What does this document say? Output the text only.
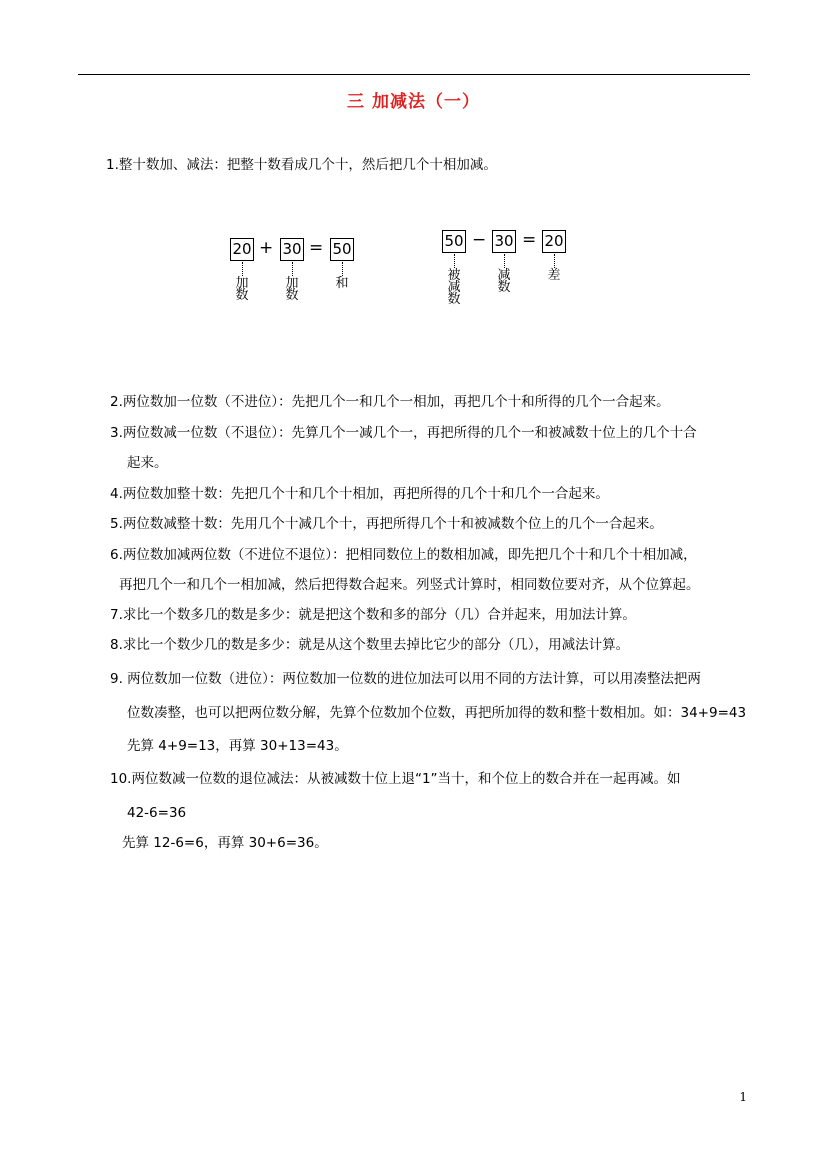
三 加减法（一）
1.整十数加、减法：把整十数看成几个十，然后把几个十相加减。
20 + 30 = 50
加数
加数
和
50 − 30 = 20
被减数
减数
差
2.两位数加一位数（不进位）：先把几个一和几个一相加，再把几个十和所得的几个一合起来。
3.两位数减一位数（不退位）：先算几个一减几个一，再把所得的几个一和被减数十位上的几个十合
起来。
4.两位数加整十数：先把几个十和几个十相加，再把所得的几个十和几个一合起来。
5.两位数减整十数：先用几个十减几个十，再把所得几个十和被减数个位上的几个一合起来。
6.两位数加减两位数（不进位不退位）：把相同数位上的数相加减，即先把几个十和几个十相加减，
再把几个一和几个一相加减，然后把得数合起来。列竖式计算时，相同数位要对齐，从个位算起。
7.求比一个数多几的数是多少：就是把这个数和多的部分（几）合并起来，用加法计算。
8.求比一个数少几的数是多少：就是从这个数里去掉比它少的部分（几），用减法计算。
9. 两位数加一位数（进位）：两位数加一位数的进位加法可以用不同的方法计算，可以用凑整法把两
位数凑整，也可以把两位数分解，先算个位数加个位数，再把所加得的数和整十数相加。如：34+9=43
先算 4+9=13，再算 30+13=43。
10.两位数减一位数的退位减法：从被减数十位上退“1”当十，和个位上的数合并在一起再减。如
42-6=36
先算 12-6=6，再算 30+6=36。
1
